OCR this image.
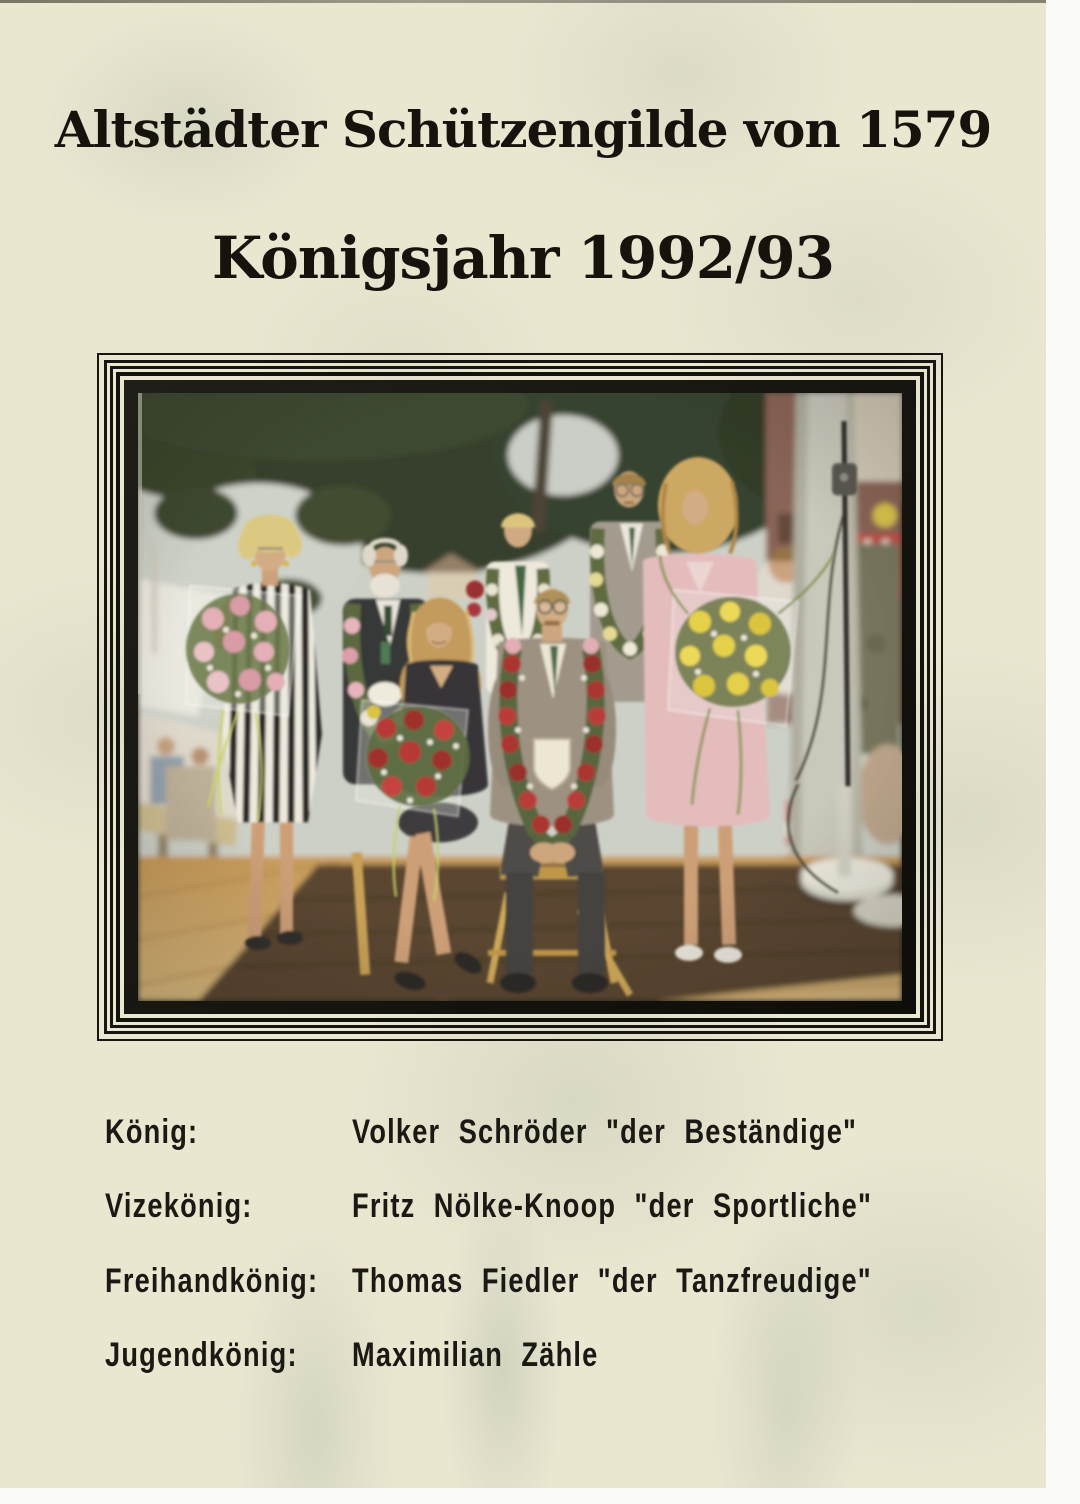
Altstädter Schützengilde von 1579
Königsjahr 1992/93
König:	Volker Schröder "der Beständige"
Vizekönig:	Fritz Nölke-Knoop "der Sportliche"
Freihandkönig: Thomas Fiedler "der Tanzfreudige"
Jugendkönig: Maximilian Zähle
